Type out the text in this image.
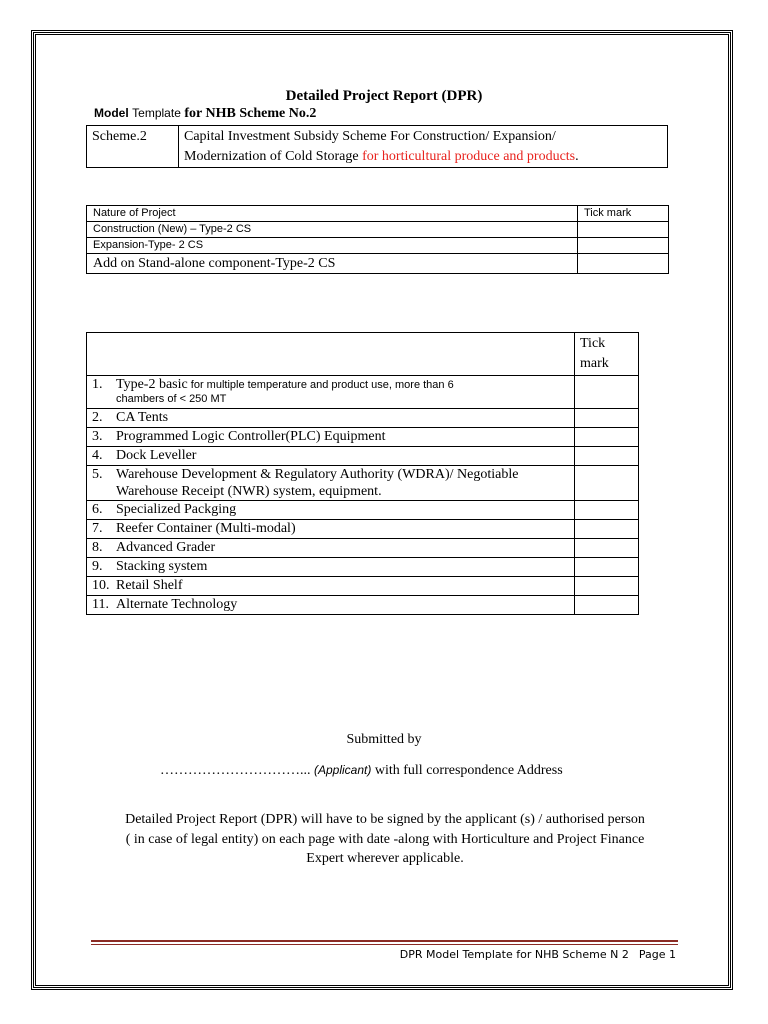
Detailed Project Report (DPR)
Model Template for NHB Scheme No.2
Scheme.2	Capital Investment Subsidy Scheme For Construction/ Expansion/
Modernization of Cold Storage for horticultural produce and products.
Nature of Project	Tick mark
Construction (New) – Type-2 CS	
Expansion-Type- 2 CS	
Add on Stand-alone component-Type-2 CS	
	Tick
mark

1. Type-2 basic for multiple temperature and product use, more than 6
chambers of < 250 MT	

2. CA Tents	
3. Programmed Logic Controller(PLC) Equipment	
4. Dock Leveller	

5. Warehouse Development & Regulatory Authority (WDRA)/ Negotiable
Warehouse Receipt (NWR) system, equipment.	

6. Specialized Packging	
7. Reefer Container (Multi-modal)	
8. Advanced Grader	
9. Stacking system	
10. Retail Shelf	
11. Alternate Technology	
Submitted by
…………………………... (Applicant) with full correspondence Address
Detailed Project Report (DPR) will have to be signed by the applicant (s) / authorised person
( in case of legal entity) on each page with date -along with Horticulture and Project Finance
Expert wherever applicable.
DPR Model Template for NHB Scheme N 2 Page 1
